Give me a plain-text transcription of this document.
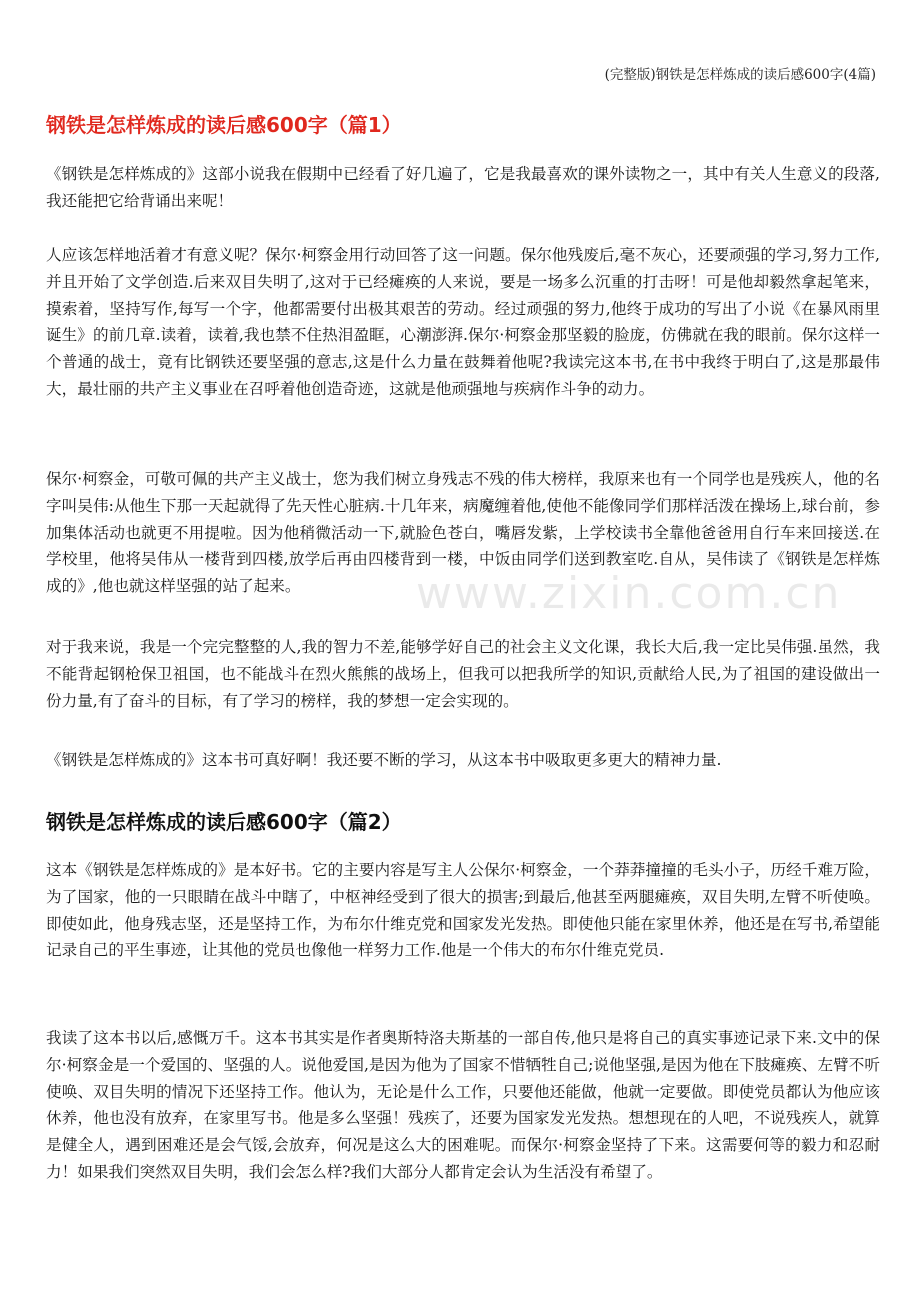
(完整版)钢铁是怎样炼成的读后感600字(4篇)
钢铁是怎样炼成的读后感600字（篇1）

《钢铁是怎样炼成的》这部小说我在假期中已经看了好几遍了，它是我最喜欢的课外读物之一，其中有关人生意义的段落,我还能把它给背诵出来呢！

人应该怎样地活着才有意义呢？保尔·柯察金用行动回答了这一问题。保尔他残废后,毫不灰心，还要顽强的学习,努力工作,并且开始了文学创造.后来双目失明了,这对于已经瘫痪的人来说，要是一场多么沉重的打击呀！可是他却毅然拿起笔来，摸索着，坚持写作,每写一个字，他都需要付出极其艰苦的劳动。经过顽强的努力,他终于成功的写出了小说《在暴风雨里诞生》的前几章.读着，读着,我也禁不住热泪盈眶，心潮澎湃.保尔·柯察金那坚毅的脸庞，仿佛就在我的眼前。保尔这样一个普通的战士，竟有比钢铁还要坚强的意志,这是什么力量在鼓舞着他呢?我读完这本书,在书中我终于明白了,这是那最伟大，最壮丽的共产主义事业在召呼着他创造奇迹，这就是他顽强地与疾病作斗争的动力。

保尔·柯察金，可敬可佩的共产主义战士，您为我们树立身残志不残的伟大榜样，我原来也有一个同学也是残疾人，他的名字叫吴伟:从他生下那一天起就得了先天性心脏病.十几年来，病魔缠着他,使他不能像同学们那样活泼在操场上,球台前，参加集体活动也就更不用提啦。因为他稍微活动一下,就脸色苍白，嘴唇发紫，上学校读书全靠他爸爸用自行车来回接送.在学校里，他将吴伟从一楼背到四楼,放学后再由四楼背到一楼，中饭由同学们送到教室吃.自从，吴伟读了《钢铁是怎样炼成的》,他也就这样坚强的站了起来。

对于我来说，我是一个完完整整的人,我的智力不差,能够学好自己的社会主义文化课，我长大后,我一定比吴伟强.虽然，我不能背起钢枪保卫祖国，也不能战斗在烈火熊熊的战场上，但我可以把我所学的知识,贡献给人民,为了祖国的建设做出一份力量,有了奋斗的目标，有了学习的榜样，我的梦想一定会实现的。

《钢铁是怎样炼成的》这本书可真好啊！我还要不断的学习，从这本书中吸取更多更大的精神力量.

钢铁是怎样炼成的读后感600字（篇2）

这本《钢铁是怎样炼成的》是本好书。它的主要内容是写主人公保尔·柯察金，一个莽莽撞撞的毛头小子，历经千难万险，为了国家，他的一只眼睛在战斗中瞎了，中枢神经受到了很大的损害;到最后,他甚至两腿瘫痪，双目失明,左臂不听使唤。即使如此，他身残志坚，还是坚持工作，为布尔什维克党和国家发光发热。即使他只能在家里休养，他还是在写书,希望能记录自己的平生事迹，让其他的党员也像他一样努力工作.他是一个伟大的布尔什维克党员.

我读了这本书以后,感慨万千。这本书其实是作者奥斯特洛夫斯基的一部自传,他只是将自己的真实事迹记录下来.文中的保尔·柯察金是一个爱国的、坚强的人。说他爱国,是因为他为了国家不惜牺牲自己;说他坚强,是因为他在下肢瘫痪、左臂不听使唤、双目失明的情况下还坚持工作。他认为，无论是什么工作，只要他还能做，他就一定要做。即使党员都认为他应该休养，他也没有放弃，在家里写书。他是多么坚强！残疾了，还要为国家发光发热。想想现在的人吧，不说残疾人，就算是健全人，遇到困难还是会气馁,会放弃，何况是这么大的困难呢。而保尔·柯察金坚持了下来。这需要何等的毅力和忍耐力！如果我们突然双目失明，我们会怎么样?我们大部分人都肯定会认为生活没有希望了。

www.zixin.com.cn
